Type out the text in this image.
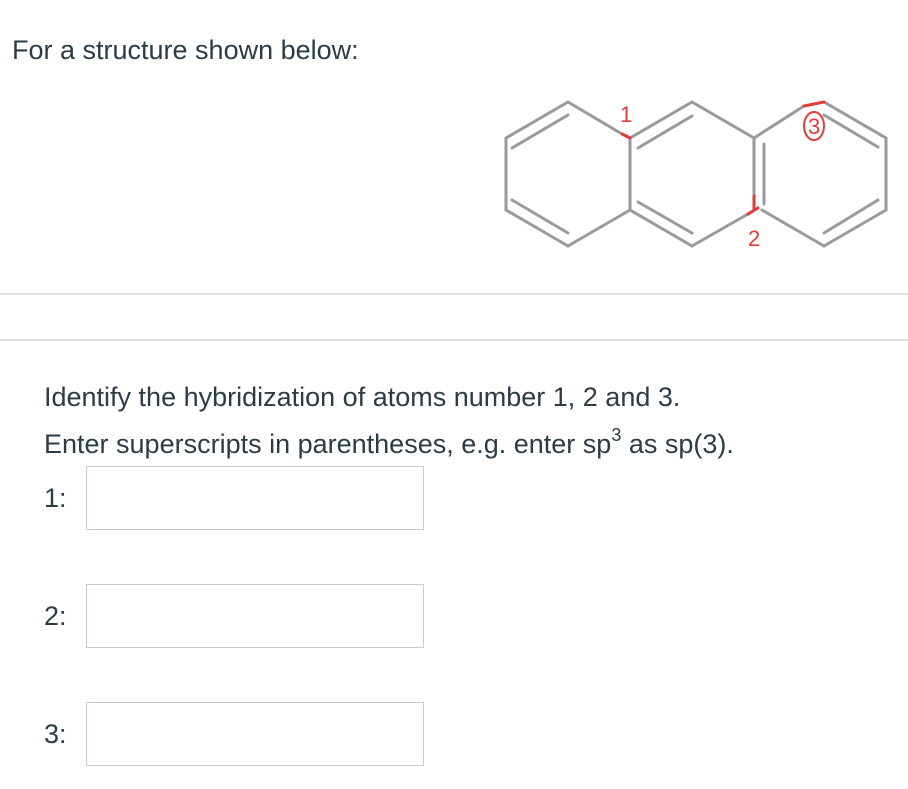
For a structure shown below:

1
2
3

Identify the hybridization of atoms number 1, 2 and 3.

Enter superscripts in parentheses, e.g. enter $sp^3$ as sp(3).

1:
2:
3:
